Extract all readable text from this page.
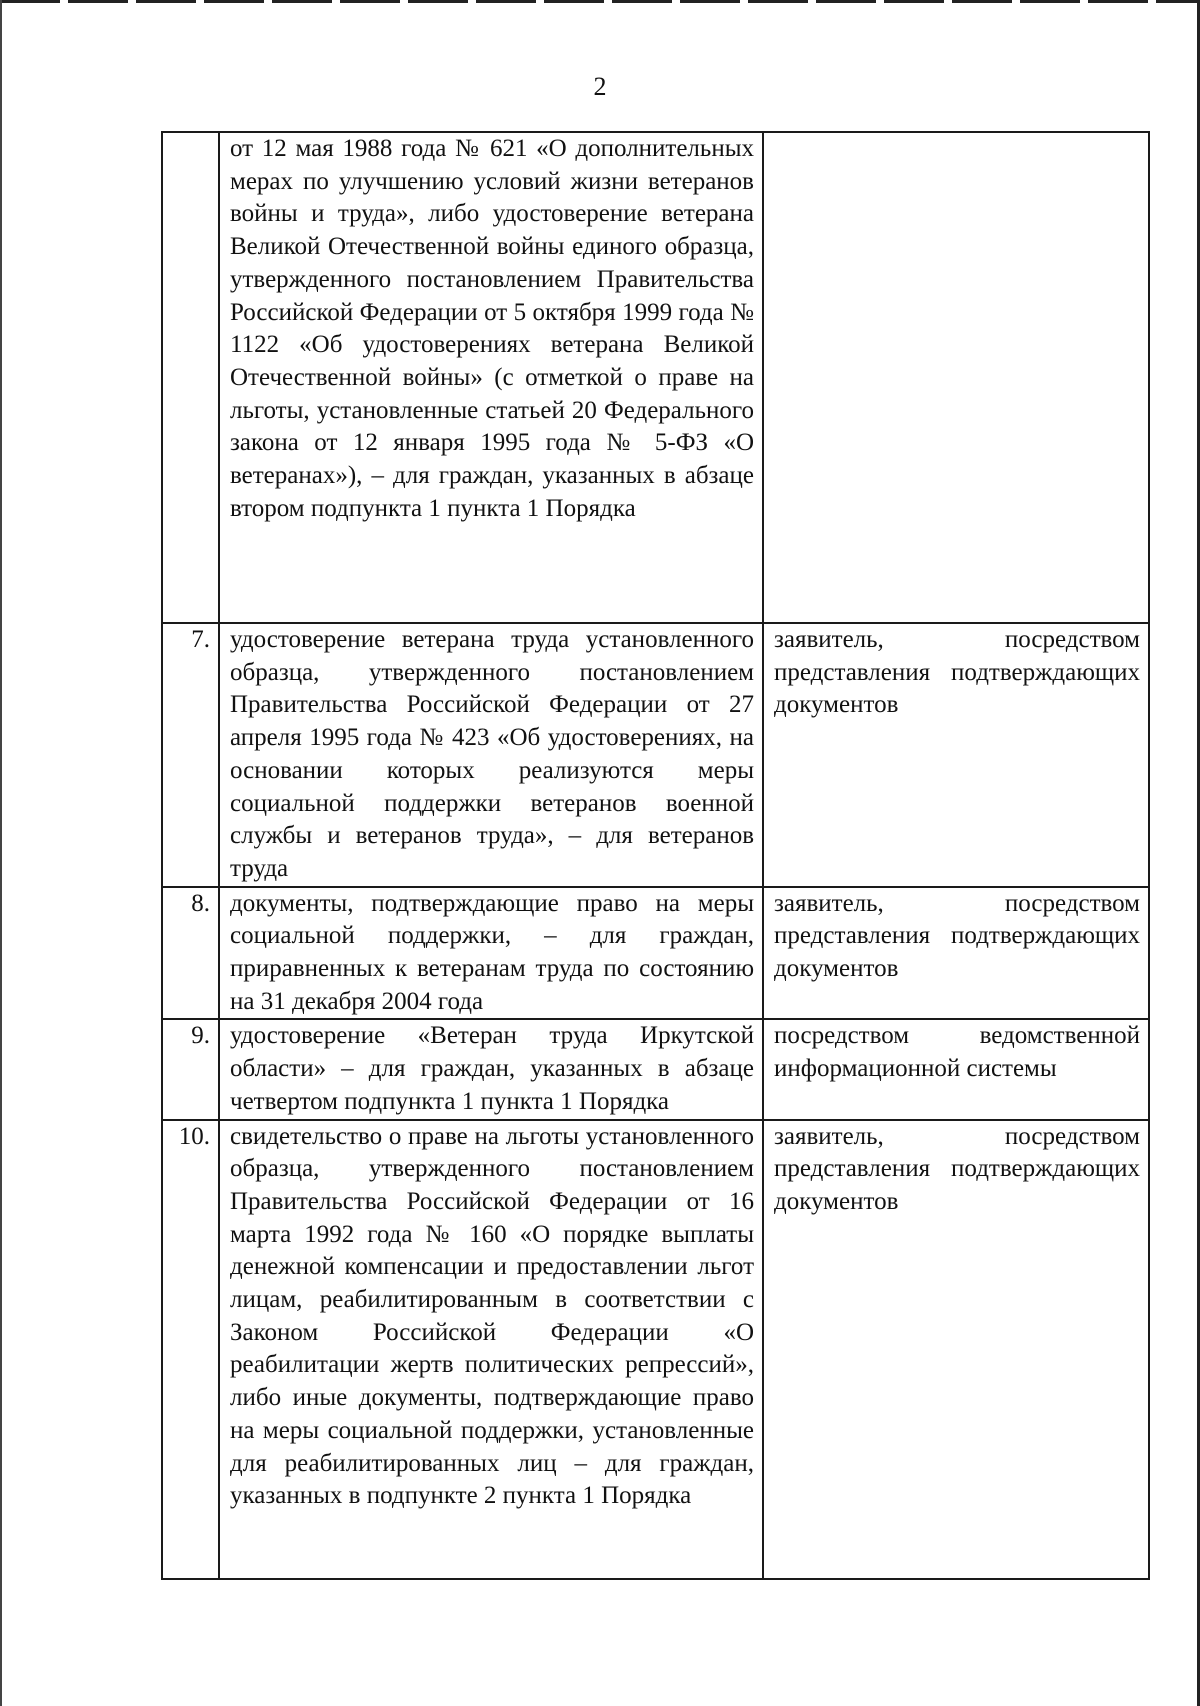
2
	от 12 мая 1988 года № 621 «О дополнительных мерах по улучшению условий жизни ветеранов войны и труда», либо удостоверение ветерана Великой Отечественной войны единого образца, утвержденного постановлением Правительства Российской Федерации от 5 октября 1999 года № 1122 «Об удостоверениях ветерана Великой Отечественной войны» (с отметкой о праве на льготы, установленные статьей 20 Федерального закона от 12 января 1995 года № 5-ФЗ «О ветеранах»), – для граждан, указанных в абзаце втором подпункта 1 пункта 1 Порядка	
7.	удостоверение ветерана труда установленного образца, утвержденного постановлением Правительства Российской Федерации от 27 апреля 1995 года № 423 «Об удостоверениях, на основании которых реализуются меры социальной поддержки ветеранов военной службы и ветеранов труда», – для ветеранов труда	заявитель, посредством представления подтверждающих документов
8.	документы, подтверждающие право на меры социальной поддержки, – для граждан, приравненных к ветеранам труда по состоянию на 31 декабря 2004 года	заявитель, посредством представления подтверждающих документов
9.	удостоверение «Ветеран труда Иркутской области» – для граждан, указанных в абзаце четвертом подпункта 1 пункта 1 Порядка	посредством ведомственной информационной системы
10.	свидетельство о праве на льготы установленного образца, утвержденного постановлением Правительства Российской Федерации от 16 марта 1992 года № 160 «О порядке выплаты денежной компенсации и предоставлении льгот лицам, реабилитированным в соответствии с Законом Российской Федерации «О реабилитации жертв политических репрессий», либо иные документы, подтверждающие право на меры социальной поддержки, установленные для реабилитированных лиц – для граждан, указанных в подпункте 2 пункта 1 Порядка	заявитель, посредством представления подтверждающих документов
